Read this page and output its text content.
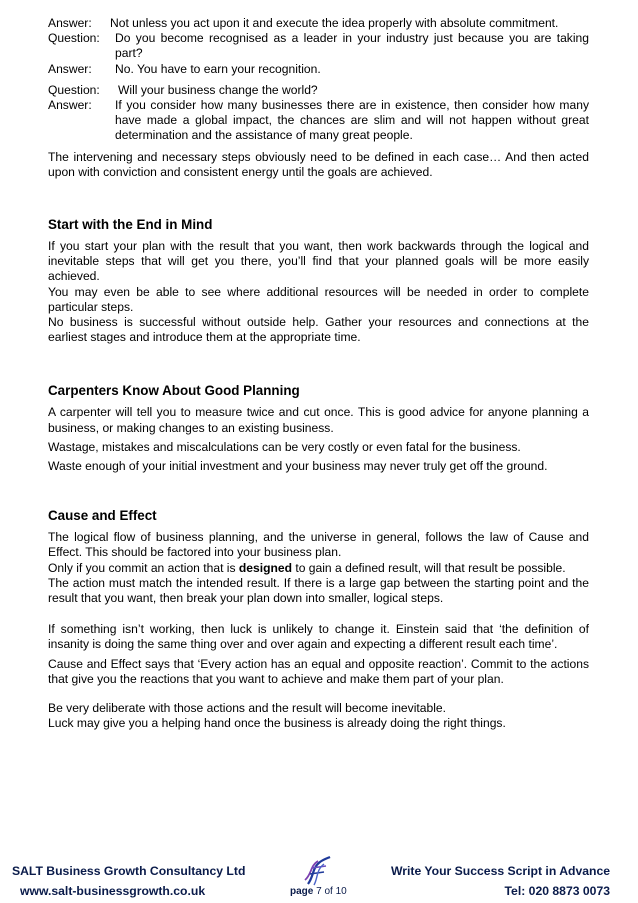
Answer:	Not unless you act upon it and execute the idea properly with absolute commitment.
Question:	Do you become recognised as a leader in your industry just because you are taking part?
Answer:	No. You have to earn your recognition.
Question:	Will your business change the world?
Answer:	If you consider how many businesses there are in existence, then consider how many have made a global impact, the chances are slim and will not happen without great determination and the assistance of many great people.

The intervening and necessary steps obviously need to be defined in each case… And then acted upon with conviction and consistent energy until the goals are achieved.

Start with the End in Mind

If you start your plan with the result that you want, then work backwards through the logical and inevitable steps that will get you there, you’ll find that your planned goals will be more easily achieved.

You may even be able to see where additional resources will be needed in order to complete particular steps.

No business is successful without outside help. Gather your resources and connections at the earliest stages and introduce them at the appropriate time.

Carpenters Know About Good Planning

A carpenter will tell you to measure twice and cut once. This is good advice for anyone planning a business, or making changes to an existing business.

Wastage, mistakes and miscalculations can be very costly or even fatal for the business.

Waste enough of your initial investment and your business may never truly get off the ground.

Cause and Effect

The logical flow of business planning, and the universe in general, follows the law of Cause and Effect. This should be factored into your business plan.

Only if you commit an action that is designed to gain a defined result, will that result be possible.

The action must match the intended result. If there is a large gap between the starting point and the result that you want, then break your plan down into smaller, logical steps.

If something isn’t working, then luck is unlikely to change it. Einstein said that ‘the definition of insanity is doing the same thing over and over again and expecting a different result each time’.

Cause and Effect says that ‘Every action has an equal and opposite reaction’. Commit to the actions that give you the reactions that you want to achieve and make them part of your plan.

Be very deliberate with those actions and the result will become inevitable.

Luck may give you a helping hand once the business is already doing the right things.

SALT Business Growth Consultancy Ltd
www.salt-businessgrowth.co.uk	page 7 of 10
Write Your Success Script in Advance
Tel: 020 8873 0073
